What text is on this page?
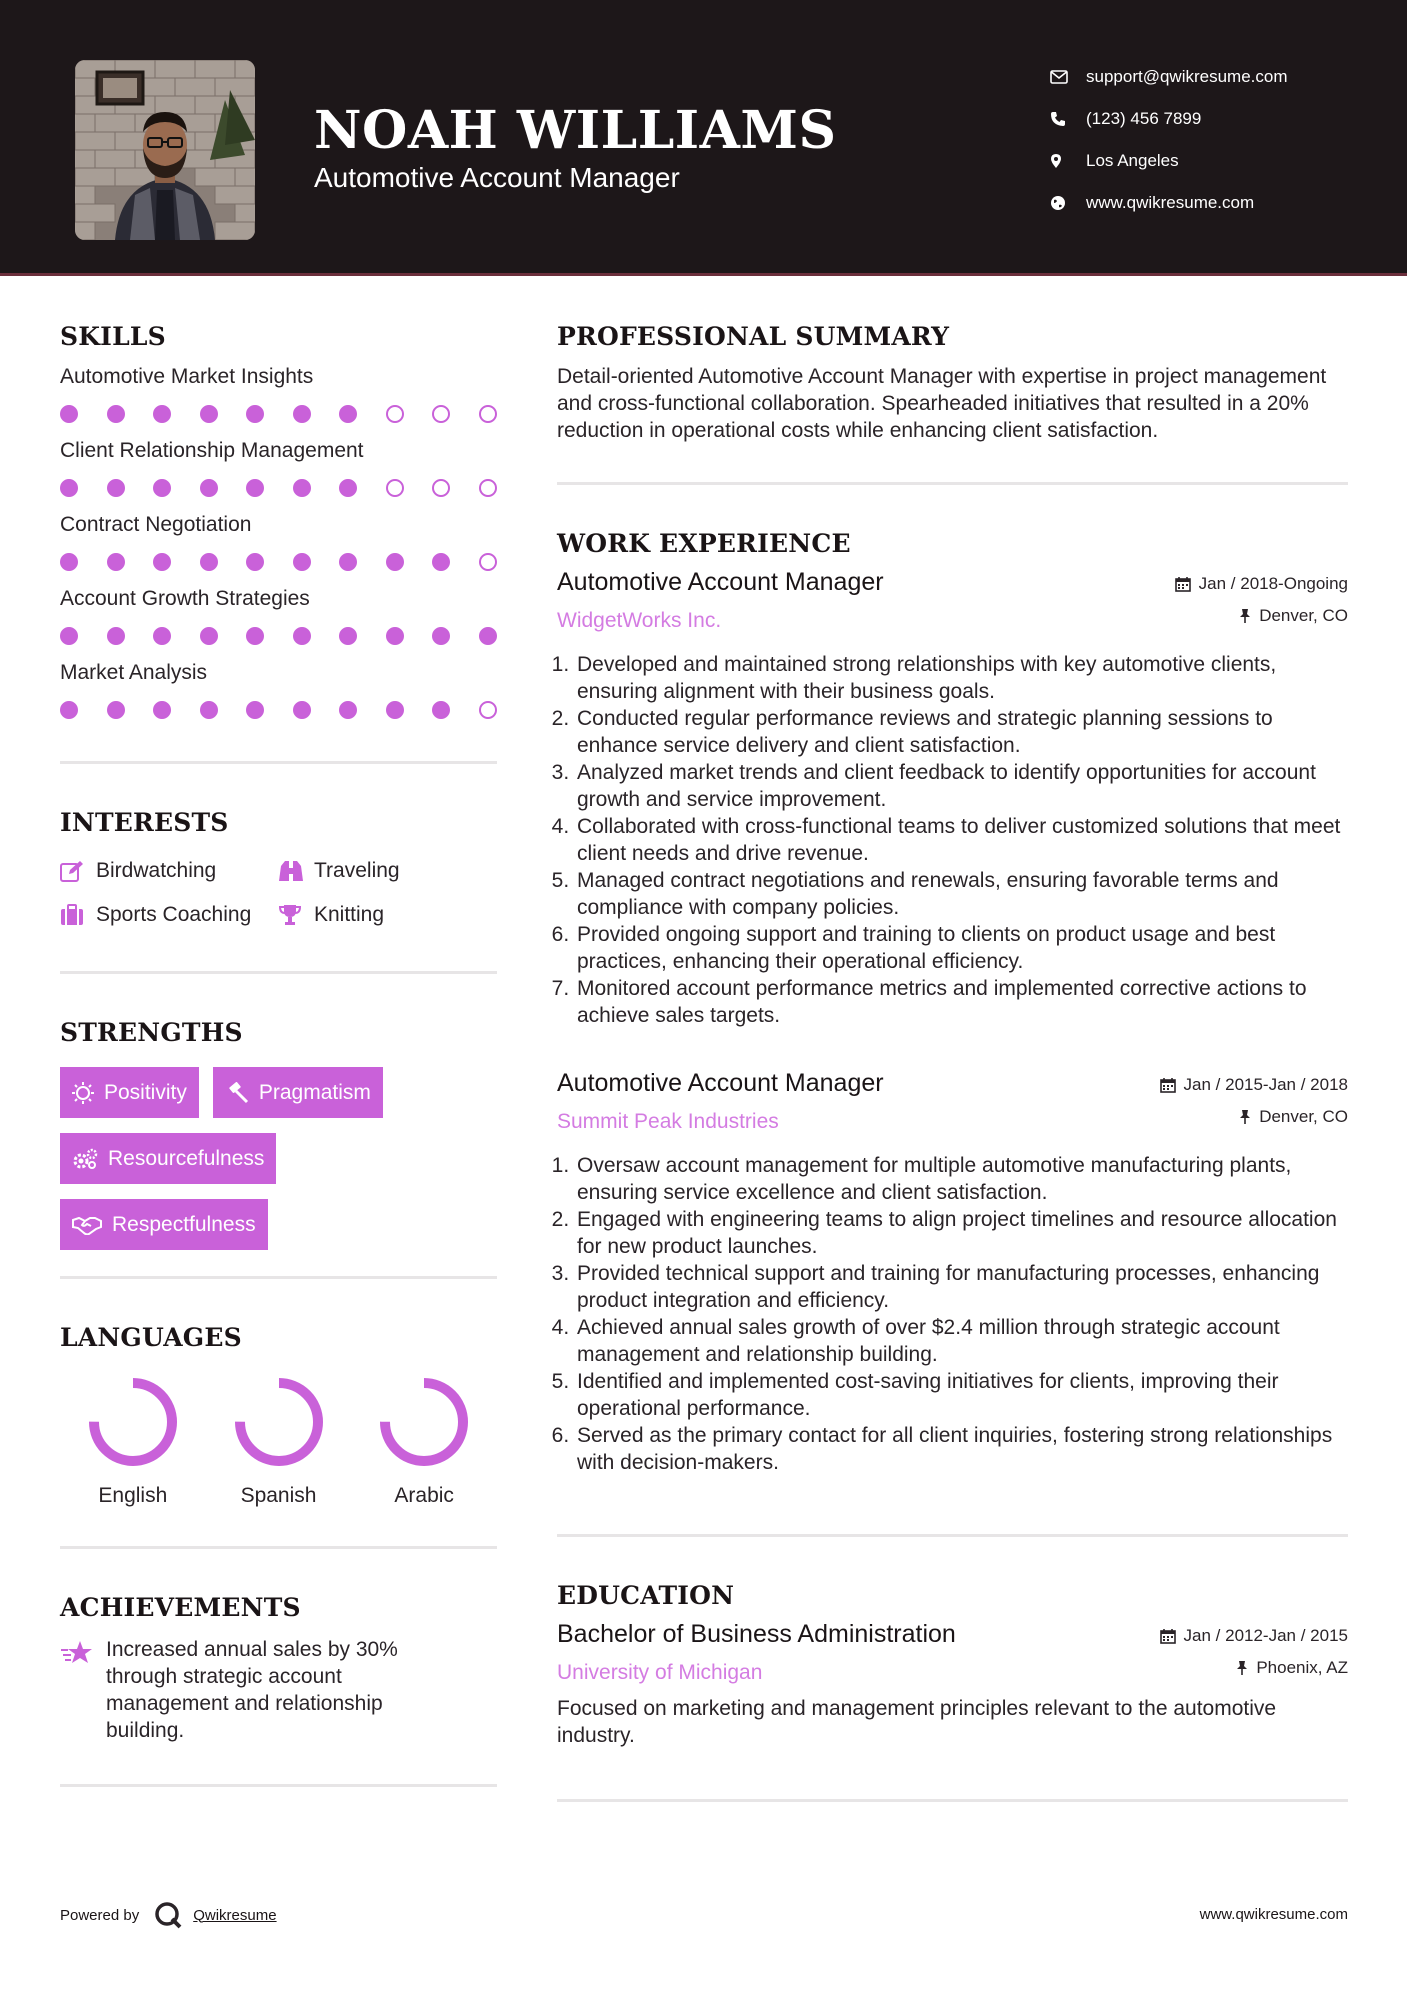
NOAH WILLIAMS
Automotive Account Manager
support@qwikresume.com
(123) 456 7899
Los Angeles
www.qwikresume.com
SKILLS
Automotive Market Insights
Client Relationship Management
Contract Negotiation
Account Growth Strategies
Market Analysis
INTERESTS
Birdwatching	Traveling
Sports Coaching	Knitting
STRENGTHS
Positivity	Pragmatism
Resourcefulness
Respectfulness
LANGUAGES
English	Spanish	Arabic
ACHIEVEMENTS

Increased annual sales by 30% through strategic account management and relationship building.

PROFESSIONAL SUMMARY

Detail-oriented Automotive Account Manager with expertise in project management and cross-functional collaboration. Spearheaded initiatives that resulted in a 20% reduction in operational costs while enhancing client satisfaction.

WORK EXPERIENCE
Automotive Account Manager
WidgetWorks Inc.
Jan / 2018-Ongoing
Denver, CO
1. Developed and maintained strong relationships with key automotive clients, ensuring alignment with their business goals.
2. Conducted regular performance reviews and strategic planning sessions to enhance service delivery and client satisfaction.
3. Analyzed market trends and client feedback to identify opportunities for account growth and service improvement.
4. Collaborated with cross-functional teams to deliver customized solutions that meet client needs and drive revenue.
5. Managed contract negotiations and renewals, ensuring favorable terms and compliance with company policies.
6. Provided ongoing support and training to clients on product usage and best practices, enhancing their operational efficiency.
7. Monitored account performance metrics and implemented corrective actions to achieve sales targets.
Automotive Account Manager
Summit Peak Industries
Jan / 2015-Jan / 2018
Denver, CO
1. Oversaw account management for multiple automotive manufacturing plants, ensuring service excellence and client satisfaction.
2. Engaged with engineering teams to align project timelines and resource allocation for new product launches.
3. Provided technical support and training for manufacturing processes, enhancing product integration and efficiency.
4. Achieved annual sales growth of over $2.4 million through strategic account management and relationship building.
5. Identified and implemented cost-saving initiatives for clients, improving their operational performance.
6. Served as the primary contact for all client inquiries, fostering strong relationships with decision-makers.
EDUCATION
Bachelor of Business Administration
University of Michigan
Jan / 2012-Jan / 2015
Phoenix, AZ

Focused on marketing and management principles relevant to the automotive industry.

Powered by	Qwikresume	www.qwikresume.com
